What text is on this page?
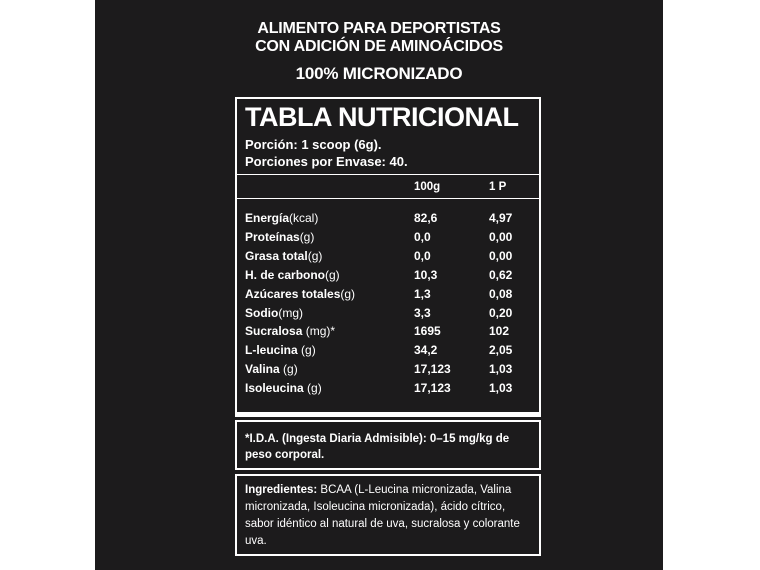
ALIMENTO PARA DEPORTISTAS
CON ADICIÓN DE AMINOÁCIDOS
100% MICRONIZADO
TABLA NUTRICIONAL
Porción: 1 scoop (6g).
Porciones por Envase: 40.
100g	1 P
Energía(kcal)	82,6	4,97
Proteínas(g)	0,0	0,00
Grasa total(g)	0,0	0,00
H. de carbono(g)	10,3	0,62
Azúcares totales(g)	1,3	0,08
Sodio(mg)	3,3	0,20
Sucralosa (mg)*	1695	102
L-leucina (g)	34,2	2,05
Valina (g)	17,123	1,03
Isoleucina (g)	17,123	1,03
*I.D.A. (Ingesta Diaria Admisible): 0–15 mg/kg de peso corporal.
Ingredientes: BCAA (L-Leucina micronizada, Valina micronizada, Isoleucina micronizada), ácido cítrico, sabor idéntico al natural de uva, sucralosa y colorante uva.
